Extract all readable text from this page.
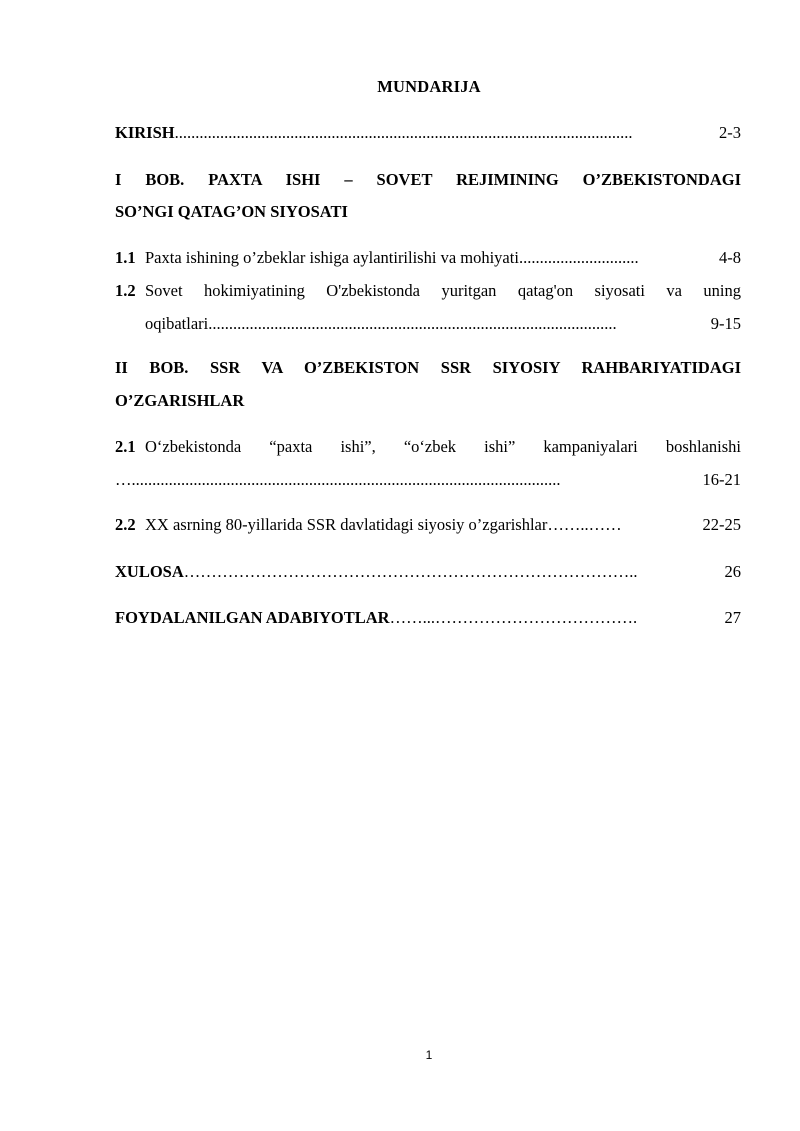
MUNDARIJA
KIRISH ...............................................................................................................	2-3
I BOB. PAXTA ISHI – SOVET REJIMINING O’ZBEKISTONDAGI
SO’NGI QATAG’ON SIYOSATI
1.1 Paxta ishining o’zbeklar ishiga aylantirilishi va mohiyati .............................	4-8
1.2 Sovet hokimiyatining O'zbekistonda yuritgan qatag'on siyosati va uning
oqibatlari ...................................................................................................	9-15
II BOB. SSR VA O’ZBEKISTON SSR SIYOSIY RAHBARIYATIDAGI
O’ZGARISHLAR
2.1 O‘zbekistonda “paxta ishi”, “o‘zbek ishi” kampaniyalari boshlanishi
…........................................................................................................	16-21
2.2 XX asrning 80-yillarida SSR davlatidagi siyosiy o’zgarishlar ……..……	22-25
XULOSA ………………………………………………………………………..	26
FOYDALANILGAN ADABIYOTLAR ……...……………………………….	27
1
